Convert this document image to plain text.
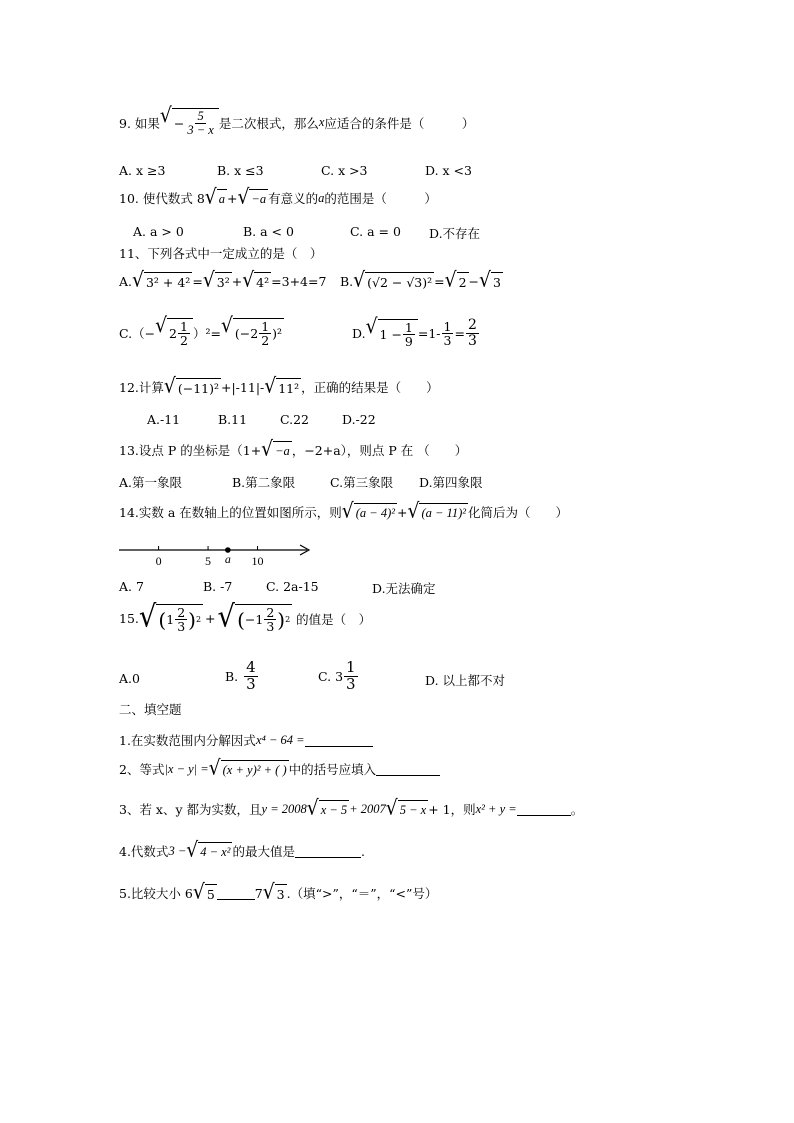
9. 如果 √ − $\frac{5}{3 - x}$ 是二次根式，那么 x 应适合的条件是（　　　）
A. x ≥3	B. x ≤3	C. x >3	D. x <3
10. 使代数式 8 √ a + √ −a 有意义的 a 的范围是（　　　）
A. a > 0	B. a < 0	C. a = 0 D.不存在
11、下列各式中一定成立的是（　）
A. √ 3² + 4² = √ 3² + √ 4² =3+4=7 B. √ (√2 − √3)² = √ 2 − √ 3
C.（− √ $2 \frac{1}{2} )^2=$ √ $(-2 \frac{1}{2} )^2$	D. √ $1 - \frac{1}{9} =1- \frac{1}{3} = \frac{2}{3}$
12.计算 √ (−11)² +|-11|- √ 11² ，正确的结果是（　　）
A.-11	B.11	C.22	D.-22
13.设点 P 的坐标是（1+ √ −a ，−2+a），则点 P 在 （　　）
A.第一象限	B.第二象限	C.第三象限 D.第四象限
14.实数 a 在数轴上的位置如图所示，则 √ (a − 4)² + √ (a − 11)² 化简后为（　　）
0	5	10
a
A. 7	B. -7	C. 2a-15	D.无法确定
15. √ ( $1 \frac{2}{3}$ ) 2 + √ ( $-1 \frac{2}{3}$ ) 2 的值是（　）
A.0	B. $\frac{4}{3}$	C. $3 \frac{1}{3}$	D. 以上都不对
二、填空题
1.在实数范围内分解因式 x⁴ − 64 =
2、等式 |x − y| = √ (x + y)² + ( ) 中的括号应填入
3、若 x、y 都为实数，且 y = 2008 √ x − 5 + 2007 √ 5 − x + 1，则 x² + y =	。
4.代数式 3 − √ 4 − x² 的最大值是	.
5.比较大小 6 √ 5	7 √ 3 .（填“>”，“＝”，“<”号）
